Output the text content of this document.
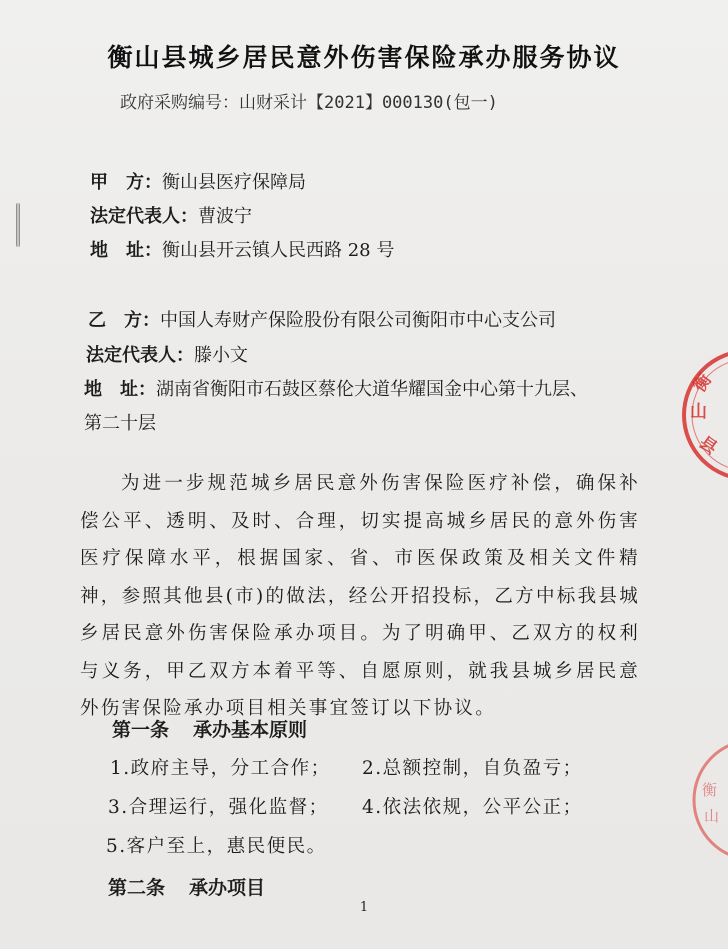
衡山县城乡居民意外伤害保险承办服务协议
政府采购编号：山财采计【2021】000130(包一)
甲　方：衡山县医疗保障局
法定代表人：曹波宁
地　址：衡山县开云镇人民西路 28 号
乙　方：中国人寿财产保险股份有限公司衡阳市中心支公司
法定代表人：滕小文
地　址：湖南省衡阳市石鼓区蔡伦大道华耀国金中心第十九层、
第二十层
为进一步规范城乡居民意外伤害保险医疗补偿，确保补偿公平、透明、及时、合理，切实提高城乡居民的意外伤害医疗保障水平，根据国家、省、市医保政策及相关文件精神，参照其他县(市)的做法，经公开招投标，乙方中标我县城乡居民意外伤害保险承办项目。为了明确甲、乙双方的权利与义务，甲乙双方本着平等、自愿原则，就我县城乡居民意外伤害保险承办项目相关事宜签订以下协议。
第一条 承办基本原则
1.政府主导，分工合作； 2.总额控制，自负盈亏；
3.合理运行，强化监督； 4.依法依规，公平公正；
5.客户至上，惠民便民。
第二条 承办项目
1
衡
山
县
衡
山
